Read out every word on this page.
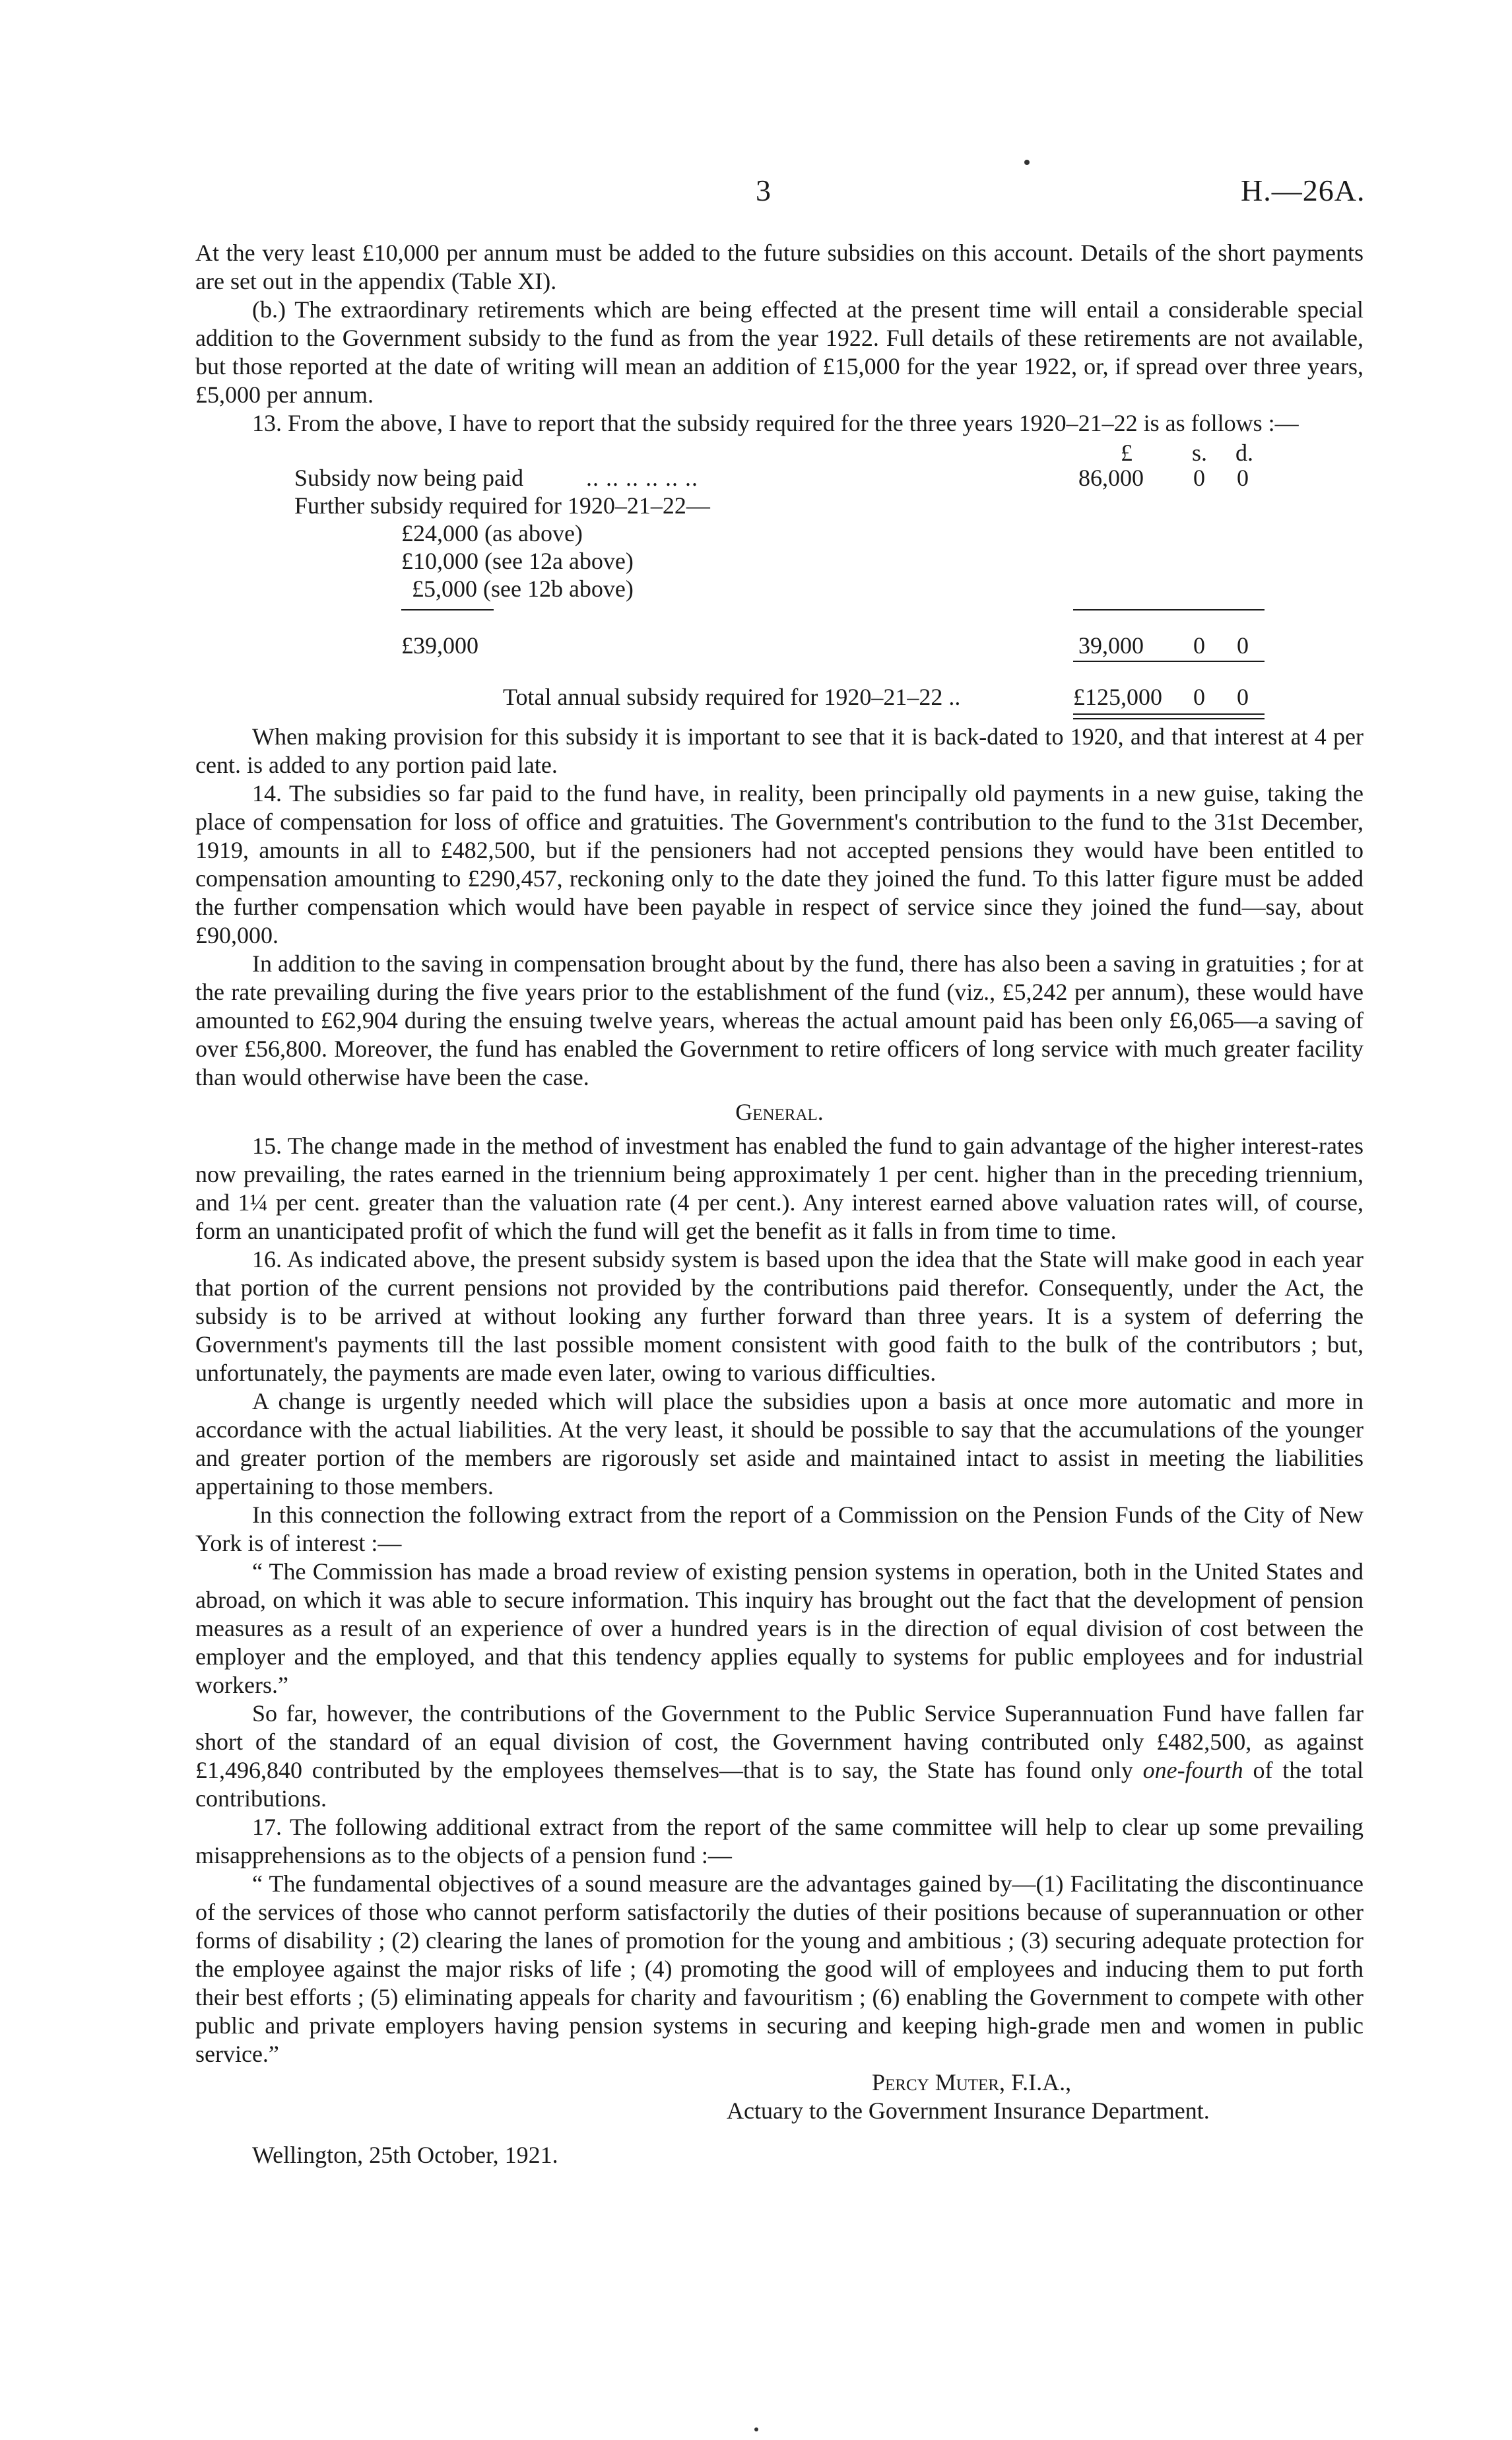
3	H.—26A.

At the very least £10,000 per annum must be added to the future subsidies on this account. Details of the short payments are set out in the appendix (Table XI).

(b.) The extraordinary retirements which are being effected at the present time will entail a considerable special addition to the Government subsidy to the fund as from the year 1922. Full details of these retirements are not available, but those reported at the date of writing will mean an addition of £15,000 for the year 1922, or, if spread over three years, £5,000 per annum.

13. From the above, I have to report that the subsidy required for the three years 1920–21–22 is as follows :—

£	s. d.
Subsidy now being paid	.. .. .. .. .. ..	86,000 0 0
Further subsidy required for 1920–21–22—
£24,000 (as above)
£10,000 (see 12a above)
£5,000 (see 12b above)
£39,000	39,000 0 0
Total annual subsidy required for 1920–21–22 ..	£125,000 0 0

When making provision for this subsidy it is important to see that it is back-dated to 1920, and that interest at 4 per cent. is added to any portion paid late.

14. The subsidies so far paid to the fund have, in reality, been principally old payments in a new guise, taking the place of compensation for loss of office and gratuities. The Government's contribution to the fund to the 31st December, 1919, amounts in all to £482,500, but if the pensioners had not accepted pensions they would have been entitled to compensation amounting to £290,457, reckoning only to the date they joined the fund. To this latter figure must be added the further compensation which would have been payable in respect of service since they joined the fund—say, about £90,000.

In addition to the saving in compensation brought about by the fund, there has also been a saving in gratuities ; for at the rate prevailing during the five years prior to the establishment of the fund (viz., £5,242 per annum), these would have amounted to £62,904 during the ensuing twelve years, whereas the actual amount paid has been only £6,065—a saving of over £56,800. Moreover, the fund has enabled the Government to retire officers of long service with much greater facility than would otherwise have been the case.

General.

15. The change made in the method of investment has enabled the fund to gain advantage of the higher interest-rates now prevailing, the rates earned in the triennium being approximately 1 per cent. higher than in the preceding triennium, and 1¼ per cent. greater than the valuation rate (4 per cent.). Any interest earned above valuation rates will, of course, form an unanticipated profit of which the fund will get the benefit as it falls in from time to time.

16. As indicated above, the present subsidy system is based upon the idea that the State will make good in each year that portion of the current pensions not provided by the contributions paid therefor. Consequently, under the Act, the subsidy is to be arrived at without looking any further forward than three years. It is a system of deferring the Government's payments till the last possible moment consistent with good faith to the bulk of the contributors ; but, unfortunately, the payments are made even later, owing to various difficulties.

A change is urgently needed which will place the subsidies upon a basis at once more automatic and more in accordance with the actual liabilities. At the very least, it should be possible to say that the accumulations of the younger and greater portion of the members are rigorously set aside and maintained intact to assist in meeting the liabilities appertaining to those members.

In this connection the following extract from the report of a Commission on the Pension Funds of the City of New York is of interest :—

“ The Commission has made a broad review of existing pension systems in operation, both in the United States and abroad, on which it was able to secure information. This inquiry has brought out the fact that the development of pension measures as a result of an experience of over a hundred years is in the direction of equal division of cost between the employer and the employed, and that this tendency applies equally to systems for public employees and for industrial workers.”

So far, however, the contributions of the Government to the Public Service Superannuation Fund have fallen far short of the standard of an equal division of cost, the Government having contributed only £482,500, as against £1,496,840 contributed by the employees themselves—that is to say, the State has found only one-fourth of the total contributions.

17. The following additional extract from the report of the same committee will help to clear up some prevailing misapprehensions as to the objects of a pension fund :—

“ The fundamental objectives of a sound measure are the advantages gained by—(1) Facilitating the discontinuance of the services of those who cannot perform satisfactorily the duties of their positions because of superannuation or other forms of disability ; (2) clearing the lanes of promotion for the young and ambitious ; (3) securing adequate protection for the employee against the major risks of life ; (4) promoting the good will of employees and inducing them to put forth their best efforts ; (5) eliminating appeals for charity and favouritism ; (6) enabling the Government to compete with other public and private employers having pension systems in securing and keeping high-grade men and women in public service.”

Percy Muter, F.I.A.,
Actuary to the Government Insurance Department.
Wellington, 25th October, 1921.
